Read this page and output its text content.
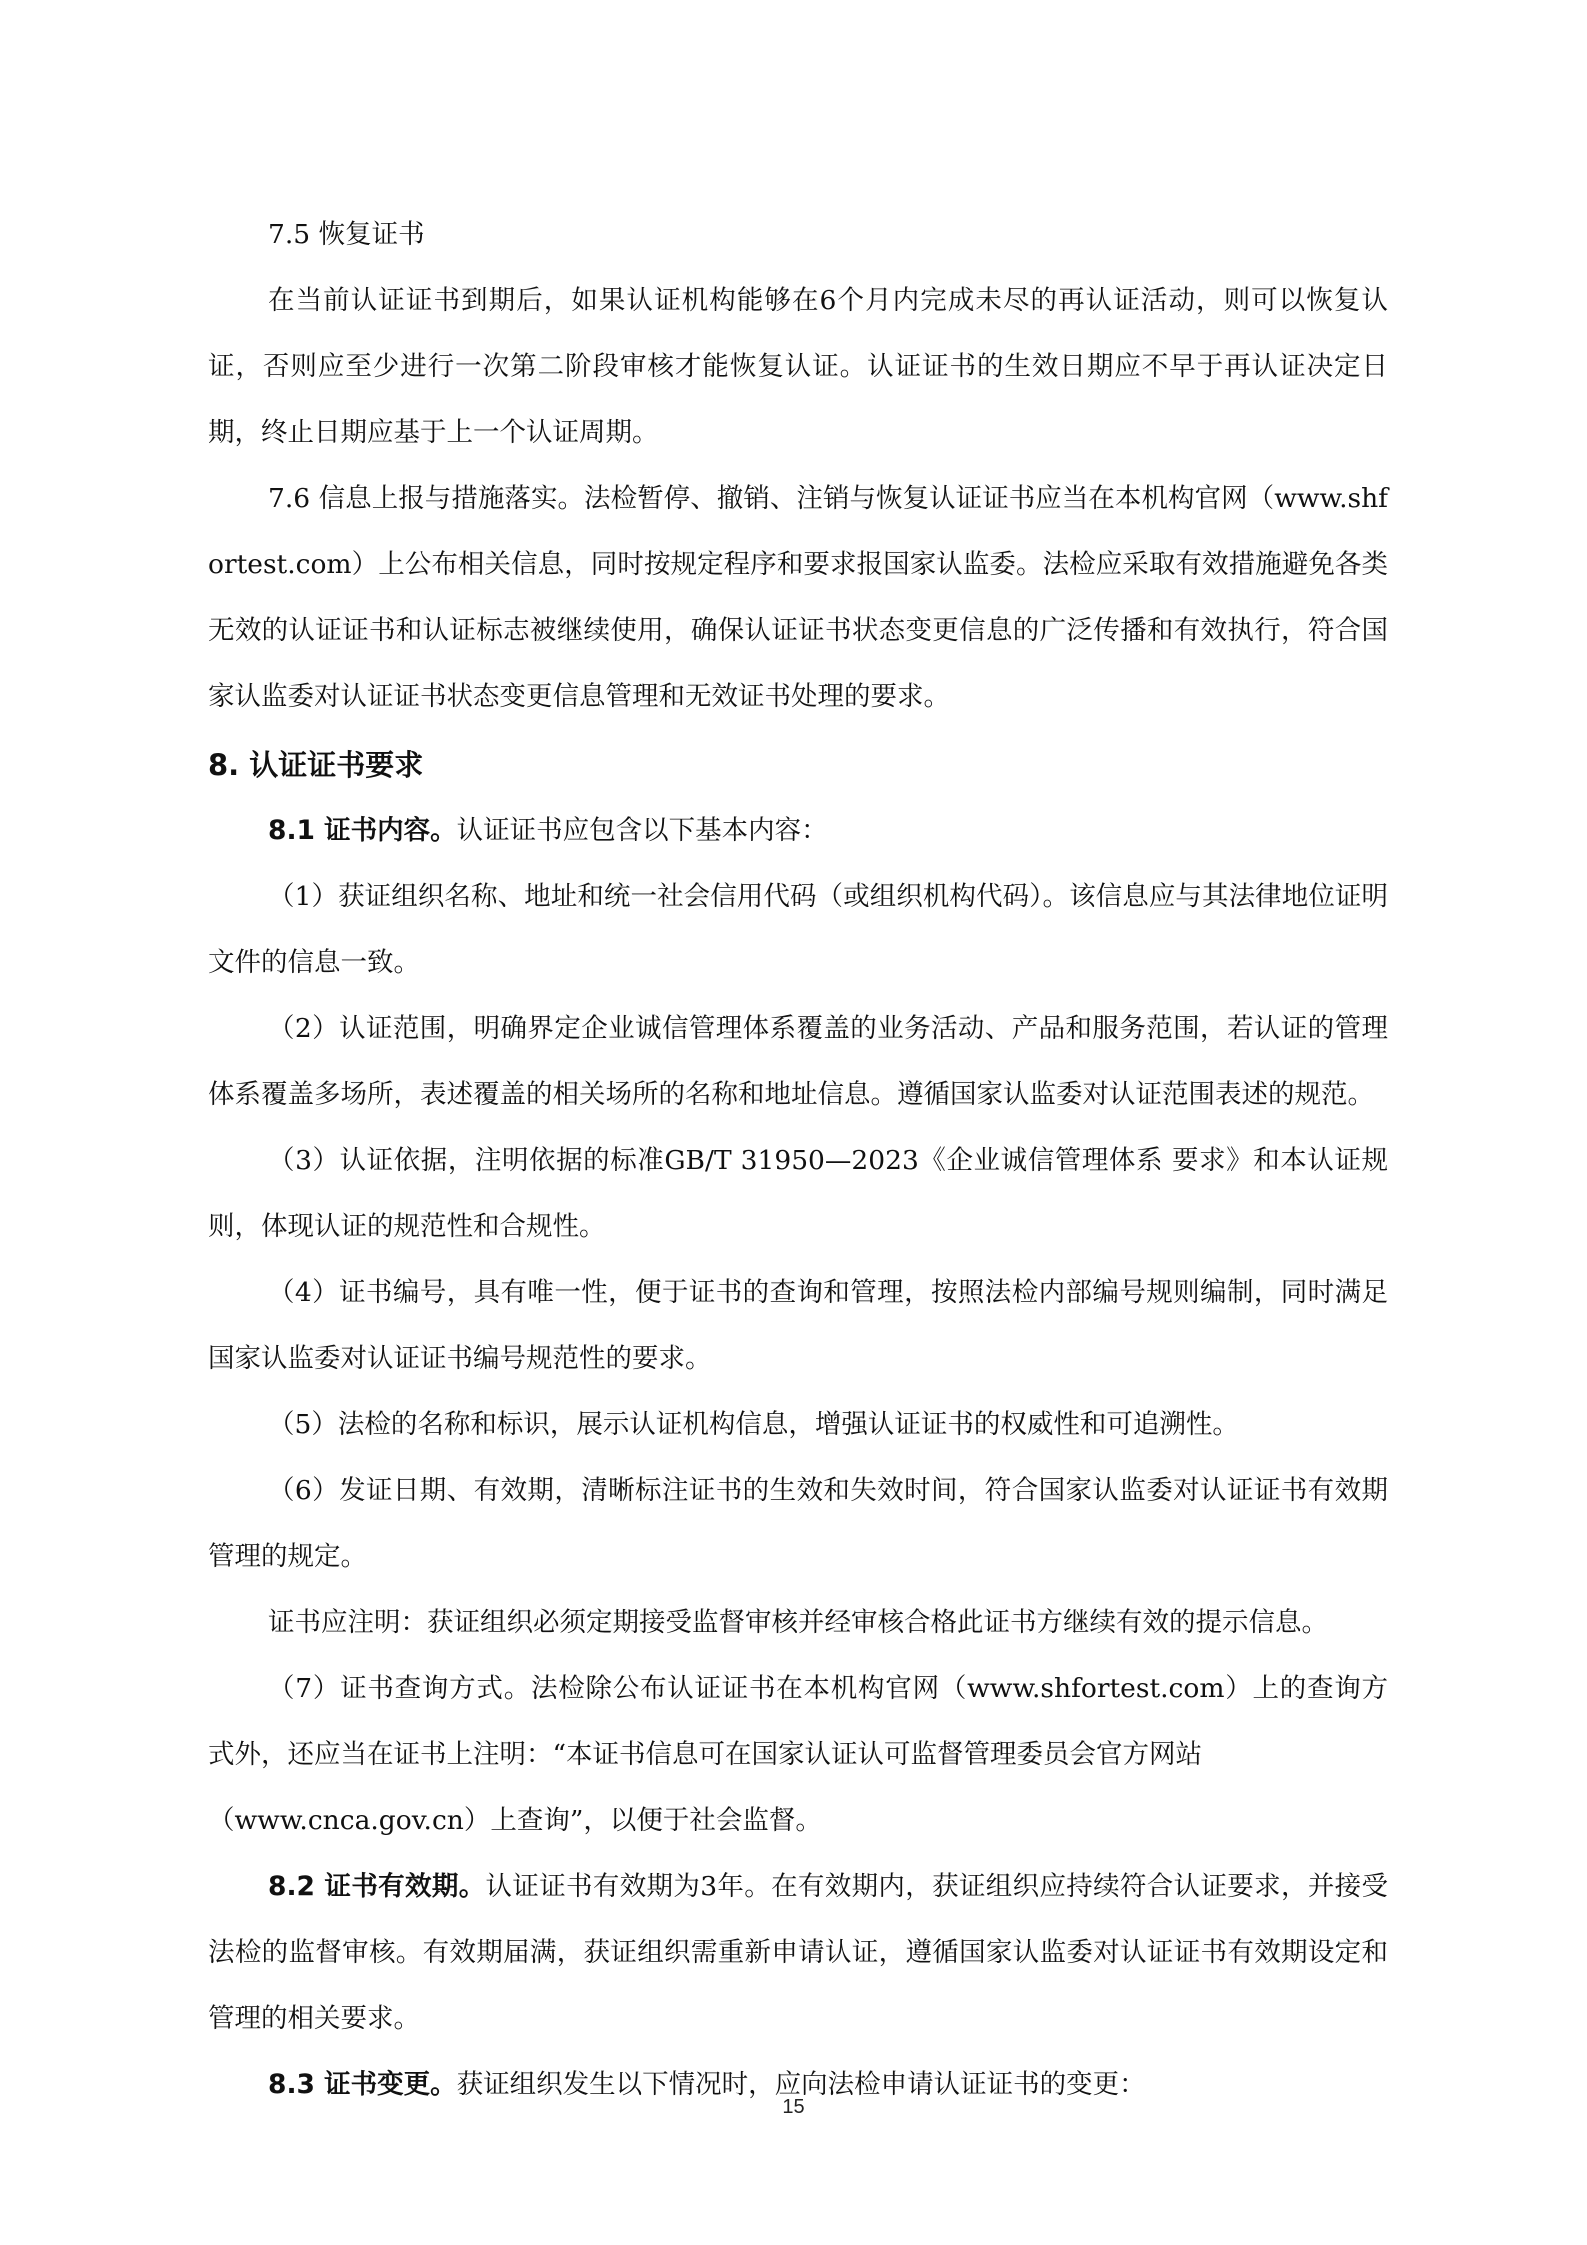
7.5 恢复证书

在当前认证证书到期后，如果认证机构能够在6个月内完成未尽的再认证活动，则可以恢复认证，否则应至少进行一次第二阶段审核才能恢复认证。认证证书的生效日期应不早于再认证决定日期，终止日期应基于上一个认证周期。

7.6 信息上报与措施落实。法检暂停、撤销、注销与恢复认证证书应当在本机构官网（www.shfortest.com）上公布相关信息，同时按规定程序和要求报国家认监委。法检应采取有效措施避免各类无效的认证证书和认证标志被继续使用，确保认证证书状态变更信息的广泛传播和有效执行，符合国家认监委对认证证书状态变更信息管理和无效证书处理的要求。

8. 认证证书要求

8.1 证书内容。认证证书应包含以下基本内容：

（1）获证组织名称、地址和统一社会信用代码（或组织机构代码）。该信息应与其法律地位证明文件的信息一致。

（2）认证范围，明确界定企业诚信管理体系覆盖的业务活动、产品和服务范围，若认证的管理体系覆盖多场所，表述覆盖的相关场所的名称和地址信息。遵循国家认监委对认证范围表述的规范。

（3）认证依据，注明依据的标准GB/T 31950—2023《企业诚信管理体系 要求》和本认证规则，体现认证的规范性和合规性。

（4）证书编号，具有唯一性，便于证书的查询和管理，按照法检内部编号规则编制，同时满足国家认监委对认证证书编号规范性的要求。

（5）法检的名称和标识，展示认证机构信息，增强认证证书的权威性和可追溯性。

（6）发证日期、有效期，清晰标注证书的生效和失效时间，符合国家认监委对认证证书有效期管理的规定。

证书应注明：获证组织必须定期接受监督审核并经审核合格此证书方继续有效的提示信息。

（7）证书查询方式。法检除公布认证证书在本机构官网（www.shfortest.com）上的查询方式外，还应当在证书上注明：“本证书信息可在国家认证认可监督管理委员会官方网站

（www.cnca.gov.cn）上查询”，以便于社会监督。

8.2 证书有效期。认证证书有效期为3年。在有效期内，获证组织应持续符合认证要求，并接受法检的监督审核。有效期届满，获证组织需重新申请认证，遵循国家认监委对认证证书有效期设定和管理的相关要求。

8.3 证书变更。获证组织发生以下情况时，应向法检申请认证证书的变更：

15
